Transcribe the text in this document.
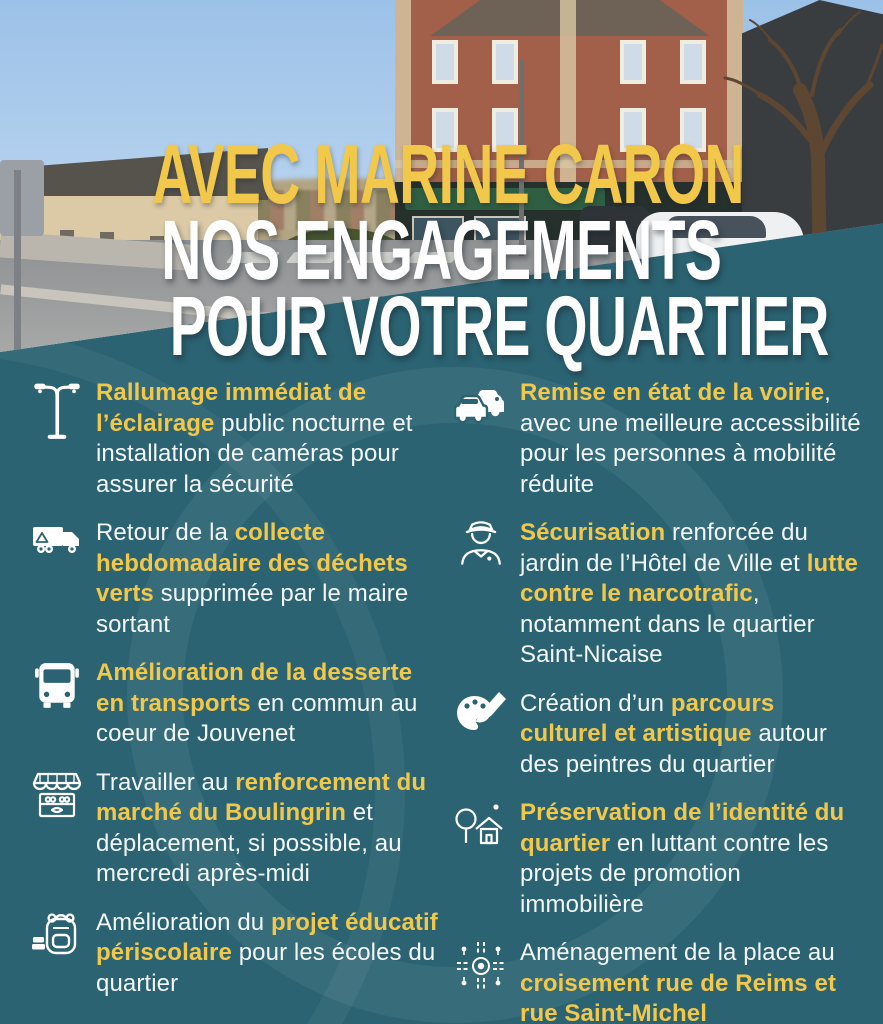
AVEC MARINE CARON
NOS ENGAGEMENTS
POUR VOTRE QUARTIER

Rallumage immédiat de l’éclairage public nocturne et installation de caméras pour assurer la sécurité

Retour de la collecte hebdomadaire des déchets verts supprimée par le maire sortant

Amélioration de la desserte en transports en commun au coeur de Jouvenet

Travailler au renforcement du marché du Boulingrin et déplacement, si possible, au mercredi après-midi

Amélioration du projet éducatif périscolaire pour les écoles du quartier

Remise en état de la voirie, avec une meilleure accessibilité pour les personnes à mobilité réduite

Sécurisation renforcée du jardin de l’Hôtel de Ville et lutte contre le narcotrafic, notamment dans le quartier Saint-Nicaise

Création d’un parcours culturel et artistique autour des peintres du quartier

Préservation de l’identité du quartier en luttant contre les projets de promotion immobilière

Aménagement de la place au croisement rue de Reims et rue Saint-Michel
